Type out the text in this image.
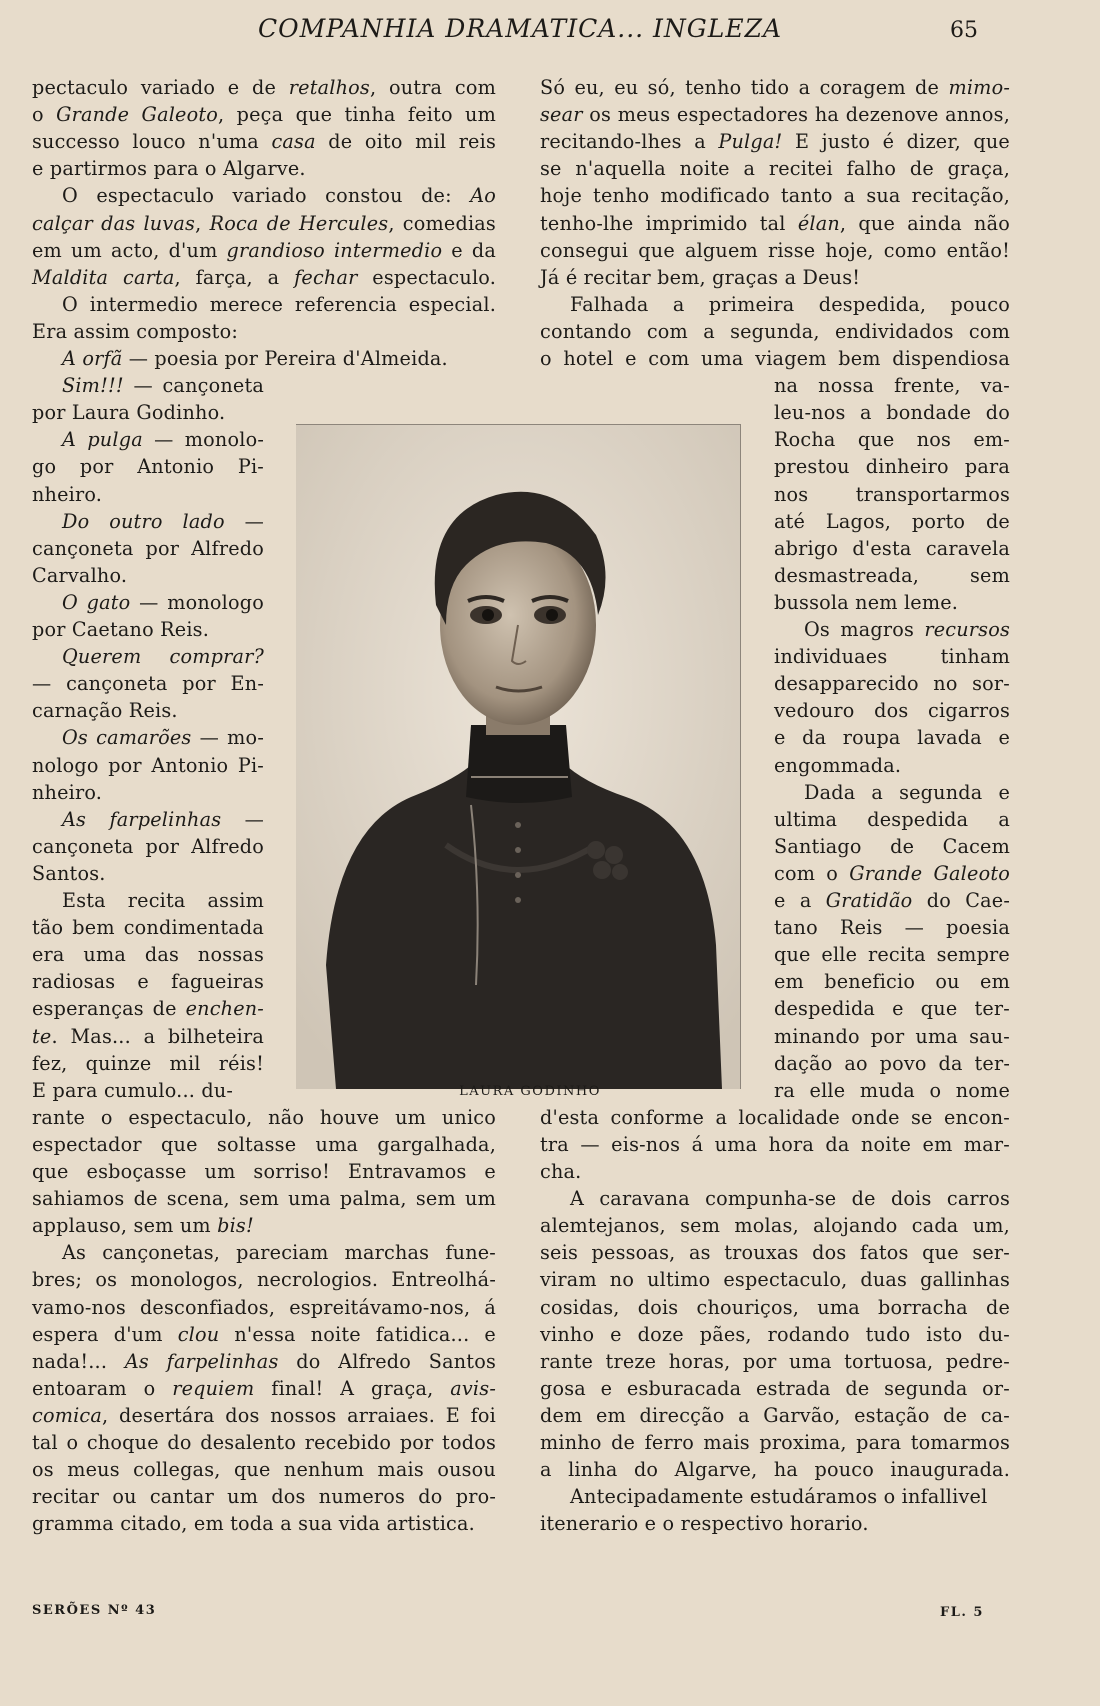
COMPANHIA DRAMATICA... INGLEZA	65
pectaculo variado e de retalhos, outra com
o Grande Galeoto, peça que tinha feito um
successo louco n'uma casa de oito mil reis
e partirmos para o Algarve.
O espectaculo variado constou de: Ao
calçar das luvas, Roca de Hercules, comedias
em um acto, d'um grandioso intermedio e da
Maldita carta, farça, a fechar espectaculo.
O intermedio merece referencia especial.
Era assim composto:
A orfã — poesia por Pereira d'Almeida.
Sim!!! — cançoneta
por Laura Godinho.
A pulga — monolo-
go por Antonio Pi-
nheiro.
Do outro lado —
cançoneta por Alfredo
Carvalho.
O gato — monologo
por Caetano Reis.
Querem comprar?
— cançoneta por En-
carnação Reis.
Os camarões — mo-
nologo por Antonio Pi-
nheiro.
As farpelinhas —
cançoneta por Alfredo
Santos.
Esta recita assim
tão bem condimentada
era uma das nossas
radiosas e fagueiras
esperanças de enchen-
te. Mas... a bilheteira
fez, quinze mil réis!
E para cumulo... du-
rante o espectaculo, não houve um unico
espectador que soltasse uma gargalhada,
que esboçasse um sorriso! Entravamos e
sahiamos de scena, sem uma palma, sem um
applauso, sem um bis!
As cançonetas, pareciam marchas fune-
bres; os monologos, necrologios. Entreolhá-
vamo-nos desconfiados, espreitávamo-nos, á
espera d'um clou n'essa noite fatidica... e
nada!... As farpelinhas do Alfredo Santos
entoaram o requiem final! A graça, avis-
comica, desertára dos nossos arraiaes. E foi
tal o choque do desalento recebido por todos
os meus collegas, que nenhum mais ousou
recitar ou cantar um dos numeros do pro-
gramma citado, em toda a sua vida artistica.
Só eu, eu só, tenho tido a coragem de mimo-
sear os meus espectadores ha dezenove annos,
recitando-lhes a Pulga! E justo é dizer, que
se n'aquella noite a recitei falho de graça,
hoje tenho modificado tanto a sua recitação,
tenho-lhe imprimido tal élan, que ainda não
consegui que alguem risse hoje, como então!
Já é recitar bem, graças a Deus!
Falhada a primeira despedida, pouco
contando com a segunda, endividados com
o hotel e com uma viagem bem dispendiosa
na nossa frente, va-
leu-nos a bondade do
Rocha que nos em-
prestou dinheiro para
nos transportarmos
até Lagos, porto de
abrigo d'esta caravela
desmastreada, sem
bussola nem leme.
Os magros recursos
individuaes tinham
desapparecido no sor-
vedouro dos cigarros
e da roupa lavada e
engommada.
Dada a segunda e
ultima despedida a
Santiago de Cacem
com o Grande Galeoto
e a Gratidão do Cae-
tano Reis — poesia
que elle recita sempre
em beneficio ou em
despedida e que ter-
minando por uma sau-
dação ao povo da ter-
ra elle muda o nome
d'esta conforme a localidade onde se encon-
tra — eis-nos á uma hora da noite em mar-
cha.
A caravana compunha-se de dois carros
alemtejanos, sem molas, alojando cada um,
seis pessoas, as trouxas dos fatos que ser-
viram no ultimo espectaculo, duas gallinhas
cosidas, dois chouriços, uma borracha de
vinho e doze pães, rodando tudo isto du-
rante treze horas, por uma tortuosa, pedre-
gosa e esburacada estrada de segunda or-
dem em direcção a Garvão, estação de ca-
minho de ferro mais proxima, para tomarmos
a linha do Algarve, ha pouco inaugurada.
Antecipadamente estudáramos o infallivel
itenerario e o respectivo horario.
LAURA GODINHO
SERÕES Nº 43	FL. 5
